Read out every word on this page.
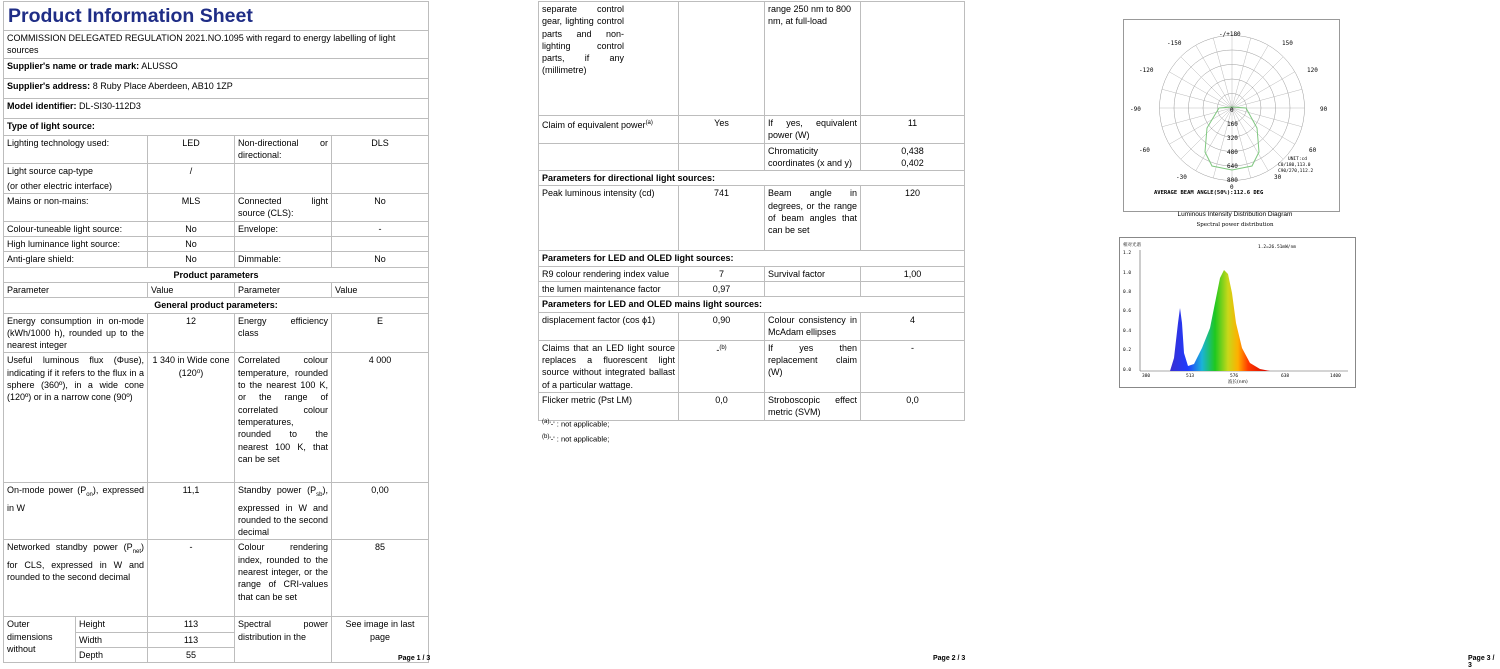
Product Information Sheet				
COMMISSION DELEGATED REGULATION 2021.NO.1095 with regard to energy labelling of light sources				
Supplier's name or trade mark: ALUSSO				
Supplier's address: 8 Ruby Place Aberdeen, AB10 1ZP				
Model identifier: DL-SI30-112D3				
Type of light source:				
Lighting technology used:		LED	Non-directional or directional:	DLS

Light source cap-type
(or other electric interface)		/		
Mains or non-mains:		MLS	Connected light source (CLS):	No
Colour-tuneable light source:		No	Envelope:	-
High luminance light source:		No		
Anti-glare shield:		No	Dimmable:	No
Product parameters				
Parameter		Value	Parameter	Value
General product parameters:				
Energy consumption in on-mode (kWh/1000 h), rounded up to the nearest integer		12	Energy efficiency class	E
Useful luminous flux (Φuse), indicating if it refers to the flux in a sphere (360º), in a wide cone (120º) or in a narrow cone (90º)		1 340 in Wide cone (120⁰)	Correlated colour temperature, rounded to the nearest 100 K, or the range of correlated colour temperatures, rounded to the nearest 100 K, that can be set	4 000
On-mode power $(P_{on})$, expressed in W		11,1	Standby power $(P_{sb})$, expressed in W and rounded to the second decimal	0,00
Networked standby power $(P_{net})$ for CLS, expressed in W and rounded to the second decimal		-	Colour rendering index, rounded to the nearest integer, or the range of CRI-values that can be set	85
Outer dimensions without	Height	113	Spectral power distribution in the	See image in last page
	Width	113		
	Depth	55			Page 1 / 3
separate control gear, lighting control parts and non-lighting control parts, if any (millimetre)		range 250 nm to 800 nm, at full-load	
Claim of equivalent power$^{(a)}$	Yes	If yes, equivalent power (W)	11
		Chromaticity coordinates (x and y)	0,438
0,402

Parameters for directional light sources:			
Peak luminous intensity (cd)	741	Beam angle in degrees, or the range of beam angles that can be set	120
Parameters for LED and OLED light sources:			
R9 colour rendering index value	7	Survival factor	1,00
the lumen maintenance factor	0,97		
Parameters for LED and OLED mains light sources:			
displacement factor (cos ϕ1)	0,90	Colour consistency in McAdam ellipses	4
Claims that an LED light source replaces a fluorescent light source without integrated ballast of a particular wattage.	-$^{(b)}$	If yes then replacement claim (W)	-
Flicker metric (Pst LM)	0,0	Stroboscopic effect metric (SVM)	0,0
$^{(a)}$'-' : not applicable;
$^{(b)}$'-' : not applicable;
Page 2 / 3
-/+180
-150	150
-120	120
-90	90
-60	60
-30
0
30
0
160
320
480
640
800
UNIT:cd
C0/180,113.0
C90/270,112.2
AVERAGE BEAM ANGLE(50%):112.6 DEG
Luminous Intensity Distribution Diagram
Spectral power distribution
相对光谱	1.2=26.51mW/nm
1.2
1.0
0.8
0.6
0.4
0.2
0.0
380	513	576	638	1400
波长(nm)
Page 3 / 3
